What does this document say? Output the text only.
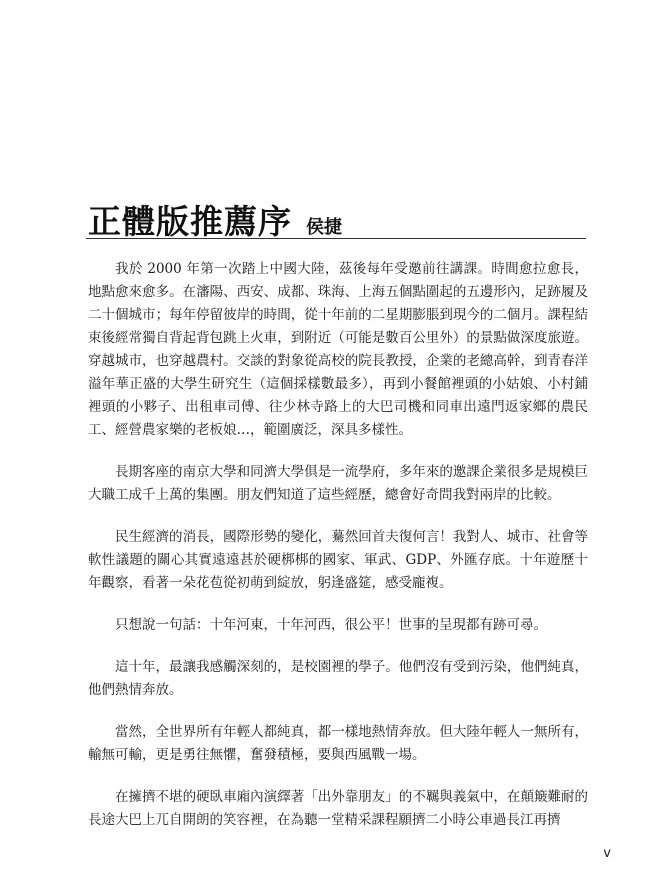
正體版推薦序 侯捷

我於 2000 年第一次踏上中國大陸，茲後每年受邀前往講課。時間愈拉愈長，地點愈來愈多。在瀋陽、西安、成都、珠海、上海五個點圍起的五邊形內，足跡履及二十個城市；每年停留彼岸的時間，從十年前的二星期膨脹到現今的二個月。課程結束後經常獨自背起背包跳上火車，到附近（可能是數百公里外）的景點做深度旅遊。穿越城市，也穿越農村。交談的對象從高校的院長教授，企業的老總高幹，到青春洋溢年華正盛的大學生研究生（這個採樣數最多），再到小餐館裡頭的小姑娘、小村鋪裡頭的小夥子、出租車司傅、往少林寺路上的大巴司機和同車出遠門返家鄉的農民工、經營農家樂的老板娘…，範圍廣泛，深具多樣性。

長期客座的南京大學和同濟大學俱是一流學府，多年來的邀課企業很多是規模巨大職工成千上萬的集團。朋友們知道了這些經歷，總會好奇問我對兩岸的比較。

民生經濟的消長，國際形勢的變化，驀然回首夫復何言！我對人、城市、社會等軟性議題的關心其實遠遠甚於硬梆梆的國家、軍武、GDP、外匯存底。十年遊歷十年觀察，看著一朵花苞從初萌到綻放，躬逢盛筵，感受龐複。

只想說一句話：十年河東，十年河西，很公平！世事的呈現都有跡可尋。

這十年，最讓我感觸深刻的，是校園裡的學子。他們沒有受到污染，他們純真，他們熱情奔放。

當然，全世界所有年輕人都純真，都一樣地熱情奔放。但大陸年輕人一無所有，輸無可輸，更是勇往無懼，奮發積極，要與西風戰一場。

在擁擠不堪的硬臥車廂內演繹著「出外靠朋友」的不羈與義氣中，在顛簸難耐的長途大巴上兀自開朗的笑容裡，在為聽一堂精采課程願擠二小時公車過長江再擠

v
